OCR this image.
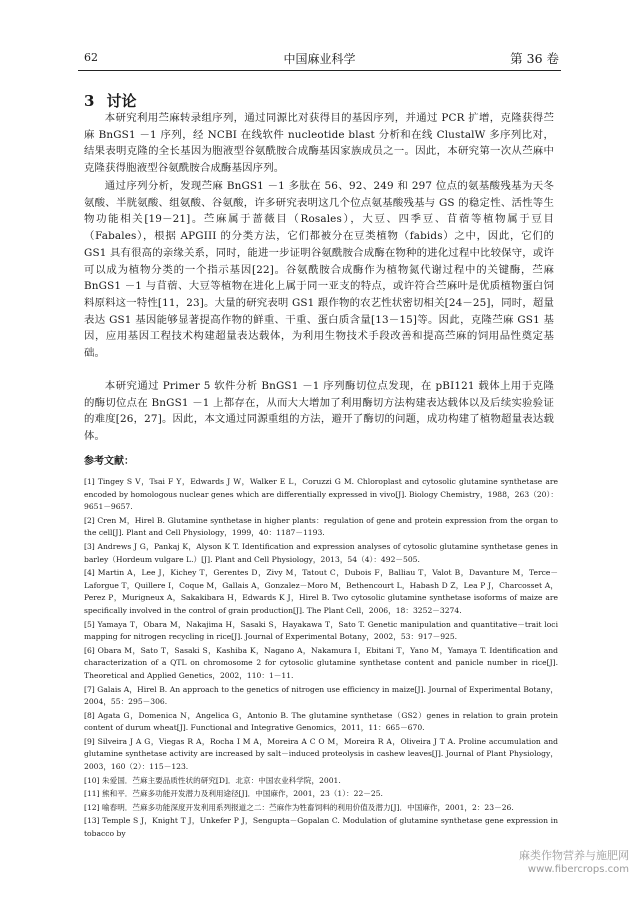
62	中国麻业科学	第 36 卷
3 讨论
本研究利用苎麻转录组序列，通过同源比对获得目的基因序列，并通过 PCR 扩增，克隆获得苎麻 BnGS1 －1 序列，经 NCBI 在线软件 nucleotide blast 分析和在线 ClustalW 多序列比对，结果表明克隆的全长基因为胞液型谷氨酰胺合成酶基因家族成员之一。因此，本研究第一次从苎麻中克隆获得胞液型谷氨酰胺合成酶基因序列。
通过序列分析，发现苎麻 BnGS1 －1 多肽在 56、92、249 和 297 位点的氨基酸残基为天冬氨酸、半胱氨酸、组氨酸、谷氨酸，许多研究表明这几个位点氨基酸残基与 GS 的稳定性、活性等生物功能相关[19－21]。苎麻属于蔷薇目（Rosales），大豆、四季豆、苜蓿等植物属于豆目（Fabales），根据 APGIII 的分类方法，它们都被分在豆类植物（fabids）之中，因此，它们的 GS1 具有很高的亲缘关系，同时，能进一步证明谷氨酰胺合成酶在物种的进化过程中比较保守，或许可以成为植物分类的一个指示基因[22]。谷氨酰胺合成酶作为植物氮代谢过程中的关键酶，苎麻 BnGS1 －1 与苜蓿、大豆等植物在进化上属于同一亚支的特点，或许符合苎麻叶是优质植物蛋白饲料原料这一特性[11，23]。大量的研究表明 GS1 跟作物的农艺性状密切相关[24－25]，同时，超量表达 GS1 基因能够显著提高作物的鲜重、干重、蛋白质含量[13－15]等。因此，克隆苎麻 GS1 基因，应用基因工程技术构建超量表达载体，为利用生物技术手段改善和提高苎麻的饲用品性奠定基础。
本研究通过 Primer 5 软件分析 BnGS1 －1 序列酶切位点发现，在 pBI121 载体上用于克隆的酶切位点在 BnGS1 －1 上都存在，从而大大增加了利用酶切方法构建表达载体以及后续实验验证的难度[26，27]。因此，本文通过同源重组的方法，避开了酶切的问题，成功构建了植物超量表达载体。
参考文献：
[1] Tingey S V，Tsai F Y，Edwards J W，Walker E L，Coruzzi G M. Chloroplast and cytosolic glutamine synthetase are encoded by homologous nuclear genes which are differentially expressed in vivo[J]. Biology Chemistry，1988，263（20）：9651－9657.
[2] Cren M，Hirel B. Glutamine synthetase in higher plants：regulation of gene and protein expression from the organ to the cell[J]. Plant and Cell Physiology，1999，40：1187－1193.
[3] Andrews J G，Pankaj K，Alyson K T. Identification and expression analyses of cytosolic glutamine synthetase genes in barley（Hordeum vulgare L.）[J]. Plant and Cell Physiology，2013，54（4）：492－505.
[4] Martin A，Lee J，Kichey T，Gerentes D，Zivy M，Tatout C，Dubois F，Balliau T，Valot B，Davanture M，Terce－Laforgue T，Quillere I，Coque M，Gallais A，Gonzalez－Moro M，Bethencourt L，Habash D Z，Lea P J，Charcosset A，Perez P，Murigneux A，Sakakibara H，Edwards K J，Hirel B. Two cytosolic glutamine synthetase isoforms of maize are specifically involved in the control of grain production[J]. The Plant Cell，2006，18：3252－3274.
[5] Yamaya T，Obara M，Nakajima H，Sasaki S，Hayakawa T，Sato T. Genetic manipulation and quantitative－trait loci mapping for nitrogen recycling in rice[J]. Journal of Experimental Botany，2002，53：917－925.
[6] Obara M，Sato T，Sasaki S，Kashiba K，Nagano A，Nakamura I，Ebitani T，Yano M，Yamaya T. Identification and characterization of a QTL on chromosome 2 for cytosolic glutamine synthetase content and panicle number in rice[J]. Theoretical and Applied Genetics，2002，110：1－11.
[7] Galais A，Hirel B. An approach to the genetics of nitrogen use efficiency in maize[J]. Journal of Experimental Botany，2004，55：295－306.
[8] Agata G，Domenica N，Angelica G，Antonio B. The glutamine synthetase（GS2）genes in relation to grain protein content of durum wheat[J]. Functional and Integrative Genomics，2011，11：665－670.
[9] Silveira J A G，Viegas R A，Rocha I M A，Moreira A C O M，Moreira R A，Oliveira J T A. Proline accumulation and glutamine synthetase activity are increased by salt－induced proteolysis in cashew leaves[J]. Journal of Plant Physiology，2003，160（2）：115－123.
[10] 朱爱国．苎麻主要品质性状的研究[D]．北京：中国农业科学院，2001.
[11] 熊和平．苎麻多功能开发潜力及利用途径[J]．中国麻作，2001，23（1）：22－25.
[12] 喻春明．苎麻多功能深度开发利用系列报道之二：苎麻作为牲畜饲料的利用价值及潜力[J]．中国麻作，2001，2：23－26.
[13] Temple S J，Knight T J，Unkefer P J，Sengupta－Gopalan C. Modulation of glutamine synthetase gene expression in tobacco by
麻类作物营养与施肥网
www.fibercrops.com
